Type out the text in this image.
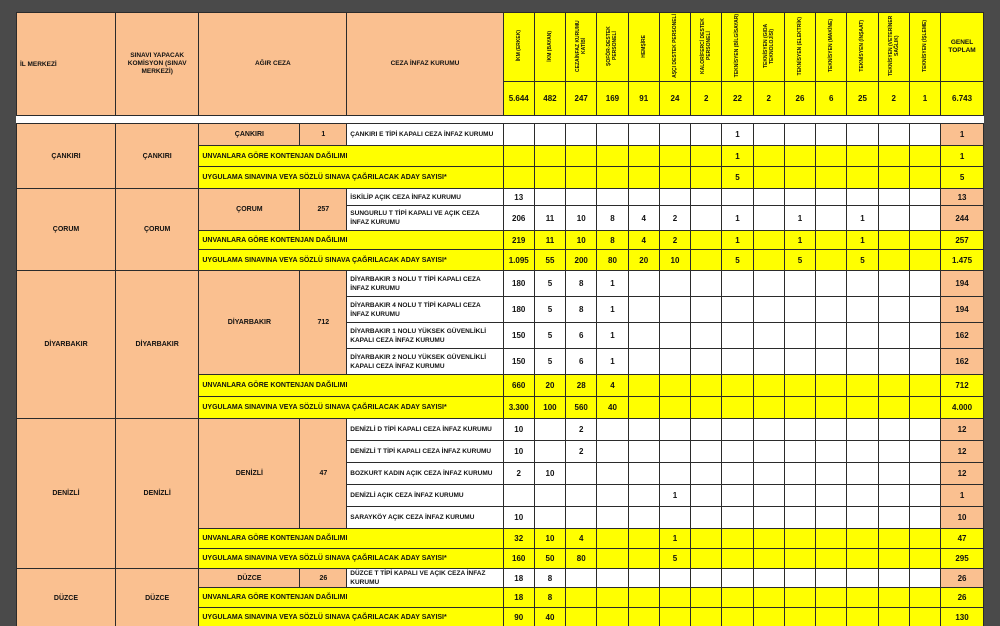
İL MERKEZİ	SINAVI YAPACAK KOMİSYON (SINAV MERKEZİ)	AĞIR CEZA		CEZA İNFAZ KURUMU	İKM (ERKEK)	İKM (BAYAN)	CEZAİNFAZ KURUMU KATİBİ	ŞOFÖR-DESTEK PERSONELİ	HEMŞİRE	AŞÇI DESTEK PERSONELİ	KALORİFERCİ DESTEK PERSONELİ	TEKNİSYEN (BİLGİSAYAR)	TEKNİSYEN (GIDA TEKNOLOJİSİ)	TEKNİSYEN (ELEKTRİK)	TEKNİSYEN (MAKİNE)	TEKNİSYEN (İNŞAAT)	TEKNİSYEN (VETERİNER SAĞLIK)	TEKNİSYEN (İŞLEME)	GENEL TOPLAM
					5.644	482	247	169	91	24	2	22	2	26	6	25	2	1	6.743

ÇANKIRI	ÇANKIRI	ÇANKIRI	1	ÇANKIRI E TİPİ KAPALI CEZA İNFAZ KURUMU								1							1
		UNVANLARA GÖRE KONTENJAN DAĞILIMI										1							1
		UYGULAMA SINAVINA VEYA SÖZLÜ SINAVA ÇAĞRILACAK ADAY SAYISI*										5							5
ÇORUM	ÇORUM	ÇORUM	257	İSKİLİP AÇIK CEZA İNFAZ KURUMU	13														13
				SUNGURLU T TİPİ KAPALI VE AÇIK CEZA İNFAZ KURUMU	206	11	10	8	4	2		1		1		1			244
		UNVANLARA GÖRE KONTENJAN DAĞILIMI			219	11	10	8	4	2		1		1		1			257
		UYGULAMA SINAVINA VEYA SÖZLÜ SINAVA ÇAĞRILACAK ADAY SAYISI*			1.095	55	200	80	20	10		5		5		5			1.475
DİYARBAKIR	DİYARBAKIR	DİYARBAKIR	712	DİYARBAKIR 3 NOLU T TİPİ KAPALI CEZA İNFAZ KURUMU	180	5	8	1											194
				DİYARBAKIR 4 NOLU T TİPİ KAPALI CEZA İNFAZ KURUMU	180	5	8	1											194
				DİYARBAKIR 1 NOLU YÜKSEK GÜVENLİKLİ KAPALI CEZA İNFAZ KURUMU	150	5	6	1											162
				DİYARBAKIR 2 NOLU YÜKSEK GÜVENLİKLİ KAPALI CEZA İNFAZ KURUMU	150	5	6	1											162
		UNVANLARA GÖRE KONTENJAN DAĞILIMI			660	20	28	4											712
		UYGULAMA SINAVINA VEYA SÖZLÜ SINAVA ÇAĞRILACAK ADAY SAYISI*			3.300	100	560	40											4.000
DENİZLİ	DENİZLİ	DENİZLİ	47	DENİZLİ D TİPİ KAPALI CEZA İNFAZ KURUMU	10		2												12
				DENİZLİ T TİPİ KAPALI CEZA İNFAZ KURUMU	10		2												12
				BOZKURT KADIN AÇIK CEZA İNFAZ KURUMU	2	10													12
				DENİZLİ AÇIK CEZA İNFAZ KURUMU						1									1
				SARAYKÖY AÇIK CEZA İNFAZ KURUMU	10														10
		UNVANLARA GÖRE KONTENJAN DAĞILIMI			32	10	4			1									47
		UYGULAMA SINAVINA VEYA SÖZLÜ SINAVA ÇAĞRILACAK ADAY SAYISI*			160	50	80			5									295
DÜZCE	DÜZCE	DÜZCE	26	DÜZCE T TİPİ KAPALI VE AÇIK CEZA İNFAZ KURUMU	18	8													26
		UNVANLARA GÖRE KONTENJAN DAĞILIMI			18	8													26
		UYGULAMA SINAVINA VEYA SÖZLÜ SINAVA ÇAĞRILACAK ADAY SAYISI*			90	40													130
